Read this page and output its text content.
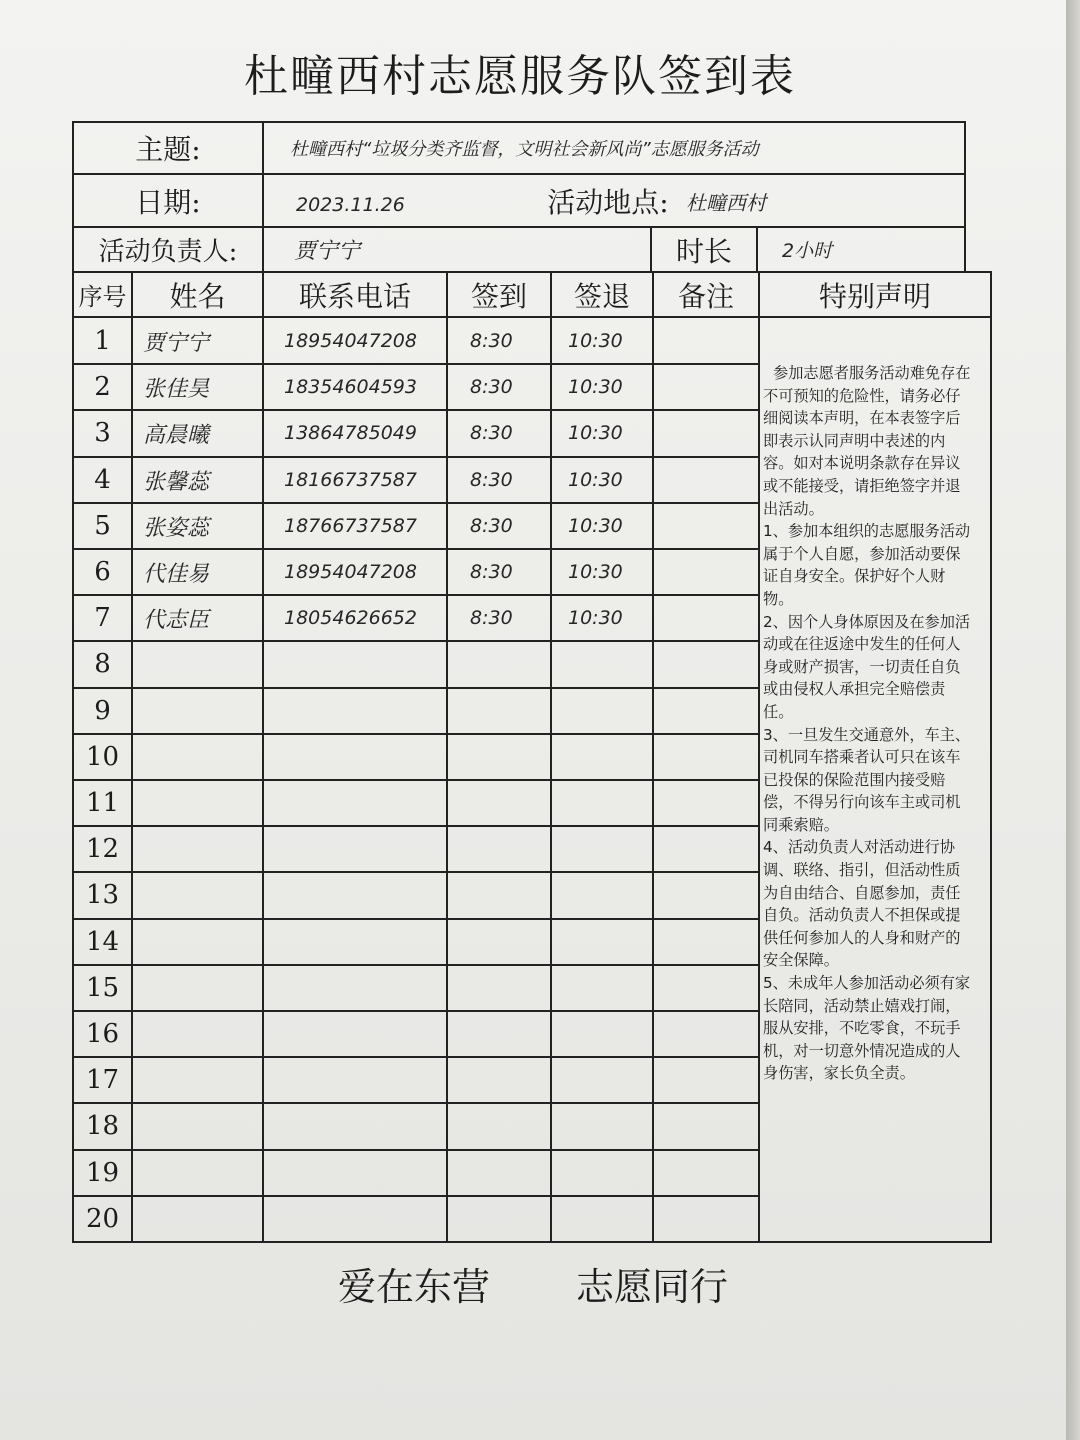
杜疃西村志愿服务队签到表
主题:	杜疃西村“垃圾分类齐监督，文明社会新风尚”志愿服务活动
日期:	2023.11.26	活动地点: 杜疃西村
活动负责人:	贾宁宁	时长	2小时
序号	姓名	联系电话	签到	签退	备注	特别声明
1	贾宁宁	18954047208	8:30	10:30
2	张佳昊	18354604593	8:30	10:30
3	高晨曦	13864785049	8:30	10:30
4	张馨蕊	18166737587	8:30	10:30
5	张姿蕊	18766737587	8:30	10:30
6	代佳易	18954047208	8:30	10:30
7	代志臣	18054626652	8:30	10:30
8
9
10
11
12
13
14
15
16
17
18
19
20

参加志愿者服务活动难免存在不可预知的危险性，请务必仔细阅读本声明，在本表签字后即表示认同声明中表述的内容。如对本说明条款存在异议或不能接受，请拒绝签字并退出活动。

1、参加本组织的志愿服务活动属于个人自愿，参加活动要保证自身安全。保护好个人财物。

2、因个人身体原因及在参加活动或在往返途中发生的任何人身或财产损害，一切责任自负或由侵权人承担完全赔偿责任。

3、一旦发生交通意外，车主、司机同车搭乘者认可只在该车已投保的保险范围内接受赔偿，不得另行向该车主或司机同乘索赔。

4、活动负责人对活动进行协调、联络、指引，但活动性质为自由结合、自愿参加，责任自负。活动负责人不担保或提供任何参加人的人身和财产的安全保障。

5、未成年人参加活动必须有家长陪同，活动禁止嬉戏打闹，服从安排，不吃零食，不玩手机，对一切意外情况造成的人身伤害，家长负全责。

爱在东营 志愿同行
